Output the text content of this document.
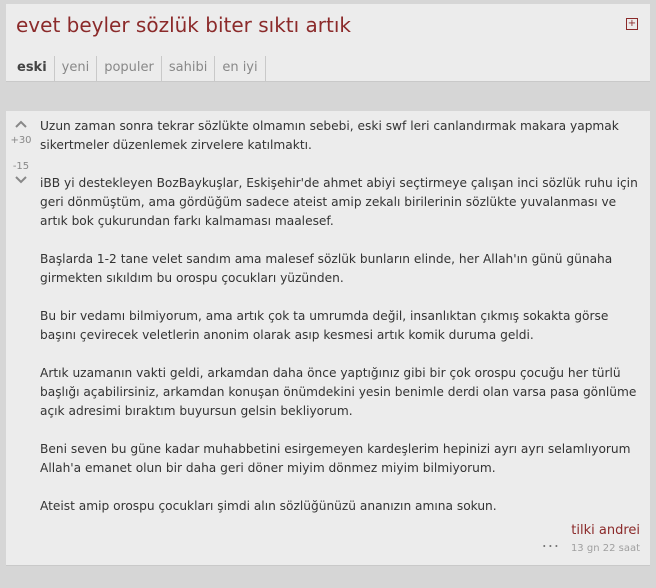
evet beyler sözlük biter sıktı artık	+
eski	yeni	populer	sahibi	en iyi
+30
-15

Uzun zaman sonra tekrar sözlükte olmamın sebebi, eski swf leri canlandırmak makara yapmak sikertmeler düzenlemek zirvelere katılmaktı.

iBB yi destekleyen BozBaykuşlar, Eskişehir'de ahmet abiyi seçtirmeye çalışan inci sözlük ruhu için geri dönmüştüm, ama gördüğüm sadece ateist amip zekalı birilerinin sözlükte yuvalanması ve artık bok çukurundan farkı kalmaması maalesef.

Başlarda 1-2 tane velet sandım ama malesef sözlük bunların elinde, her Allah'ın günü günaha girmekten sıkıldım bu orospu çocukları yüzünden.

Bu bir vedamı bilmiyorum, ama artık çok ta umrumda değil, insanlıktan çıkmış sokakta görse başını çevirecek veletlerin anonim olarak asıp kesmesi artık komik duruma geldi.

Artık uzamanın vakti geldi, arkamdan daha önce yaptığınız gibi bir çok orospu çocuğu her türlü başlığı açabilirsiniz, arkamdan konuşan önümdekini yesin benimle derdi olan varsa pasa gönlüme açık adresimi bıraktım buyursun gelsin bekliyorum.

Beni seven bu güne kadar muhabbetini esirgemeyen kardeşlerim hepinizi ayrı ayrı selamlıyorum Allah'a emanet olun bir daha geri döner miyim dönmez miyim bilmiyorum.

Ateist amip orospu çocukları şimdi alın sözlüğünüzü ananızın amına sokun.

...
tilki andrei
13 gn 22 saat
